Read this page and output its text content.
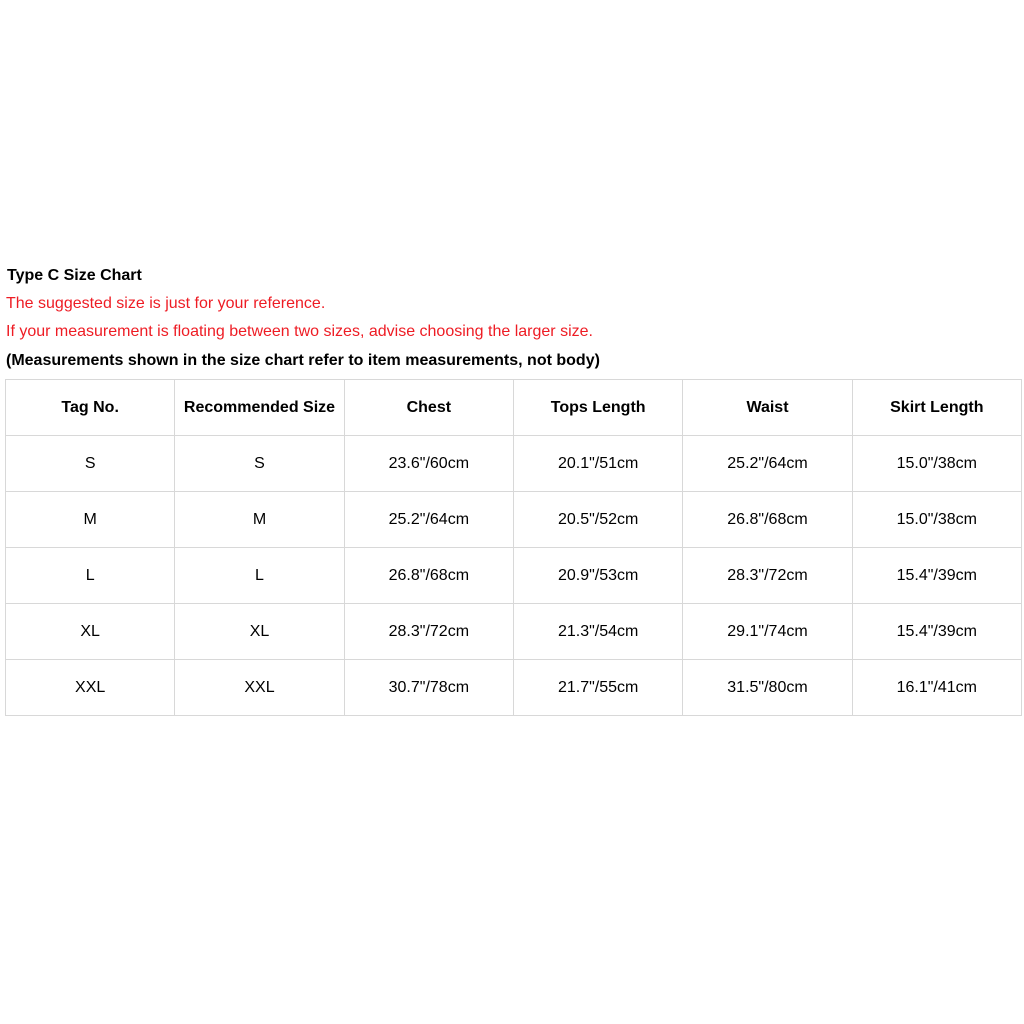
Type C Size Chart
The suggested size is just for your reference.
If your measurement is floating between two sizes, advise choosing the larger size.
(Measurements shown in the size chart refer to item measurements, not body)
Tag No.	Recommended Size	Chest	Tops Length	Waist	Skirt Length
S	S	23.6"/60cm	20.1"/51cm	25.2"/64cm	15.0"/38cm
M	M	25.2"/64cm	20.5"/52cm	26.8"/68cm	15.0"/38cm
L	L	26.8"/68cm	20.9"/53cm	28.3"/72cm	15.4"/39cm
XL	XL	28.3"/72cm	21.3"/54cm	29.1"/74cm	15.4"/39cm
XXL	XXL	30.7"/78cm	21.7"/55cm	31.5"/80cm	16.1"/41cm
